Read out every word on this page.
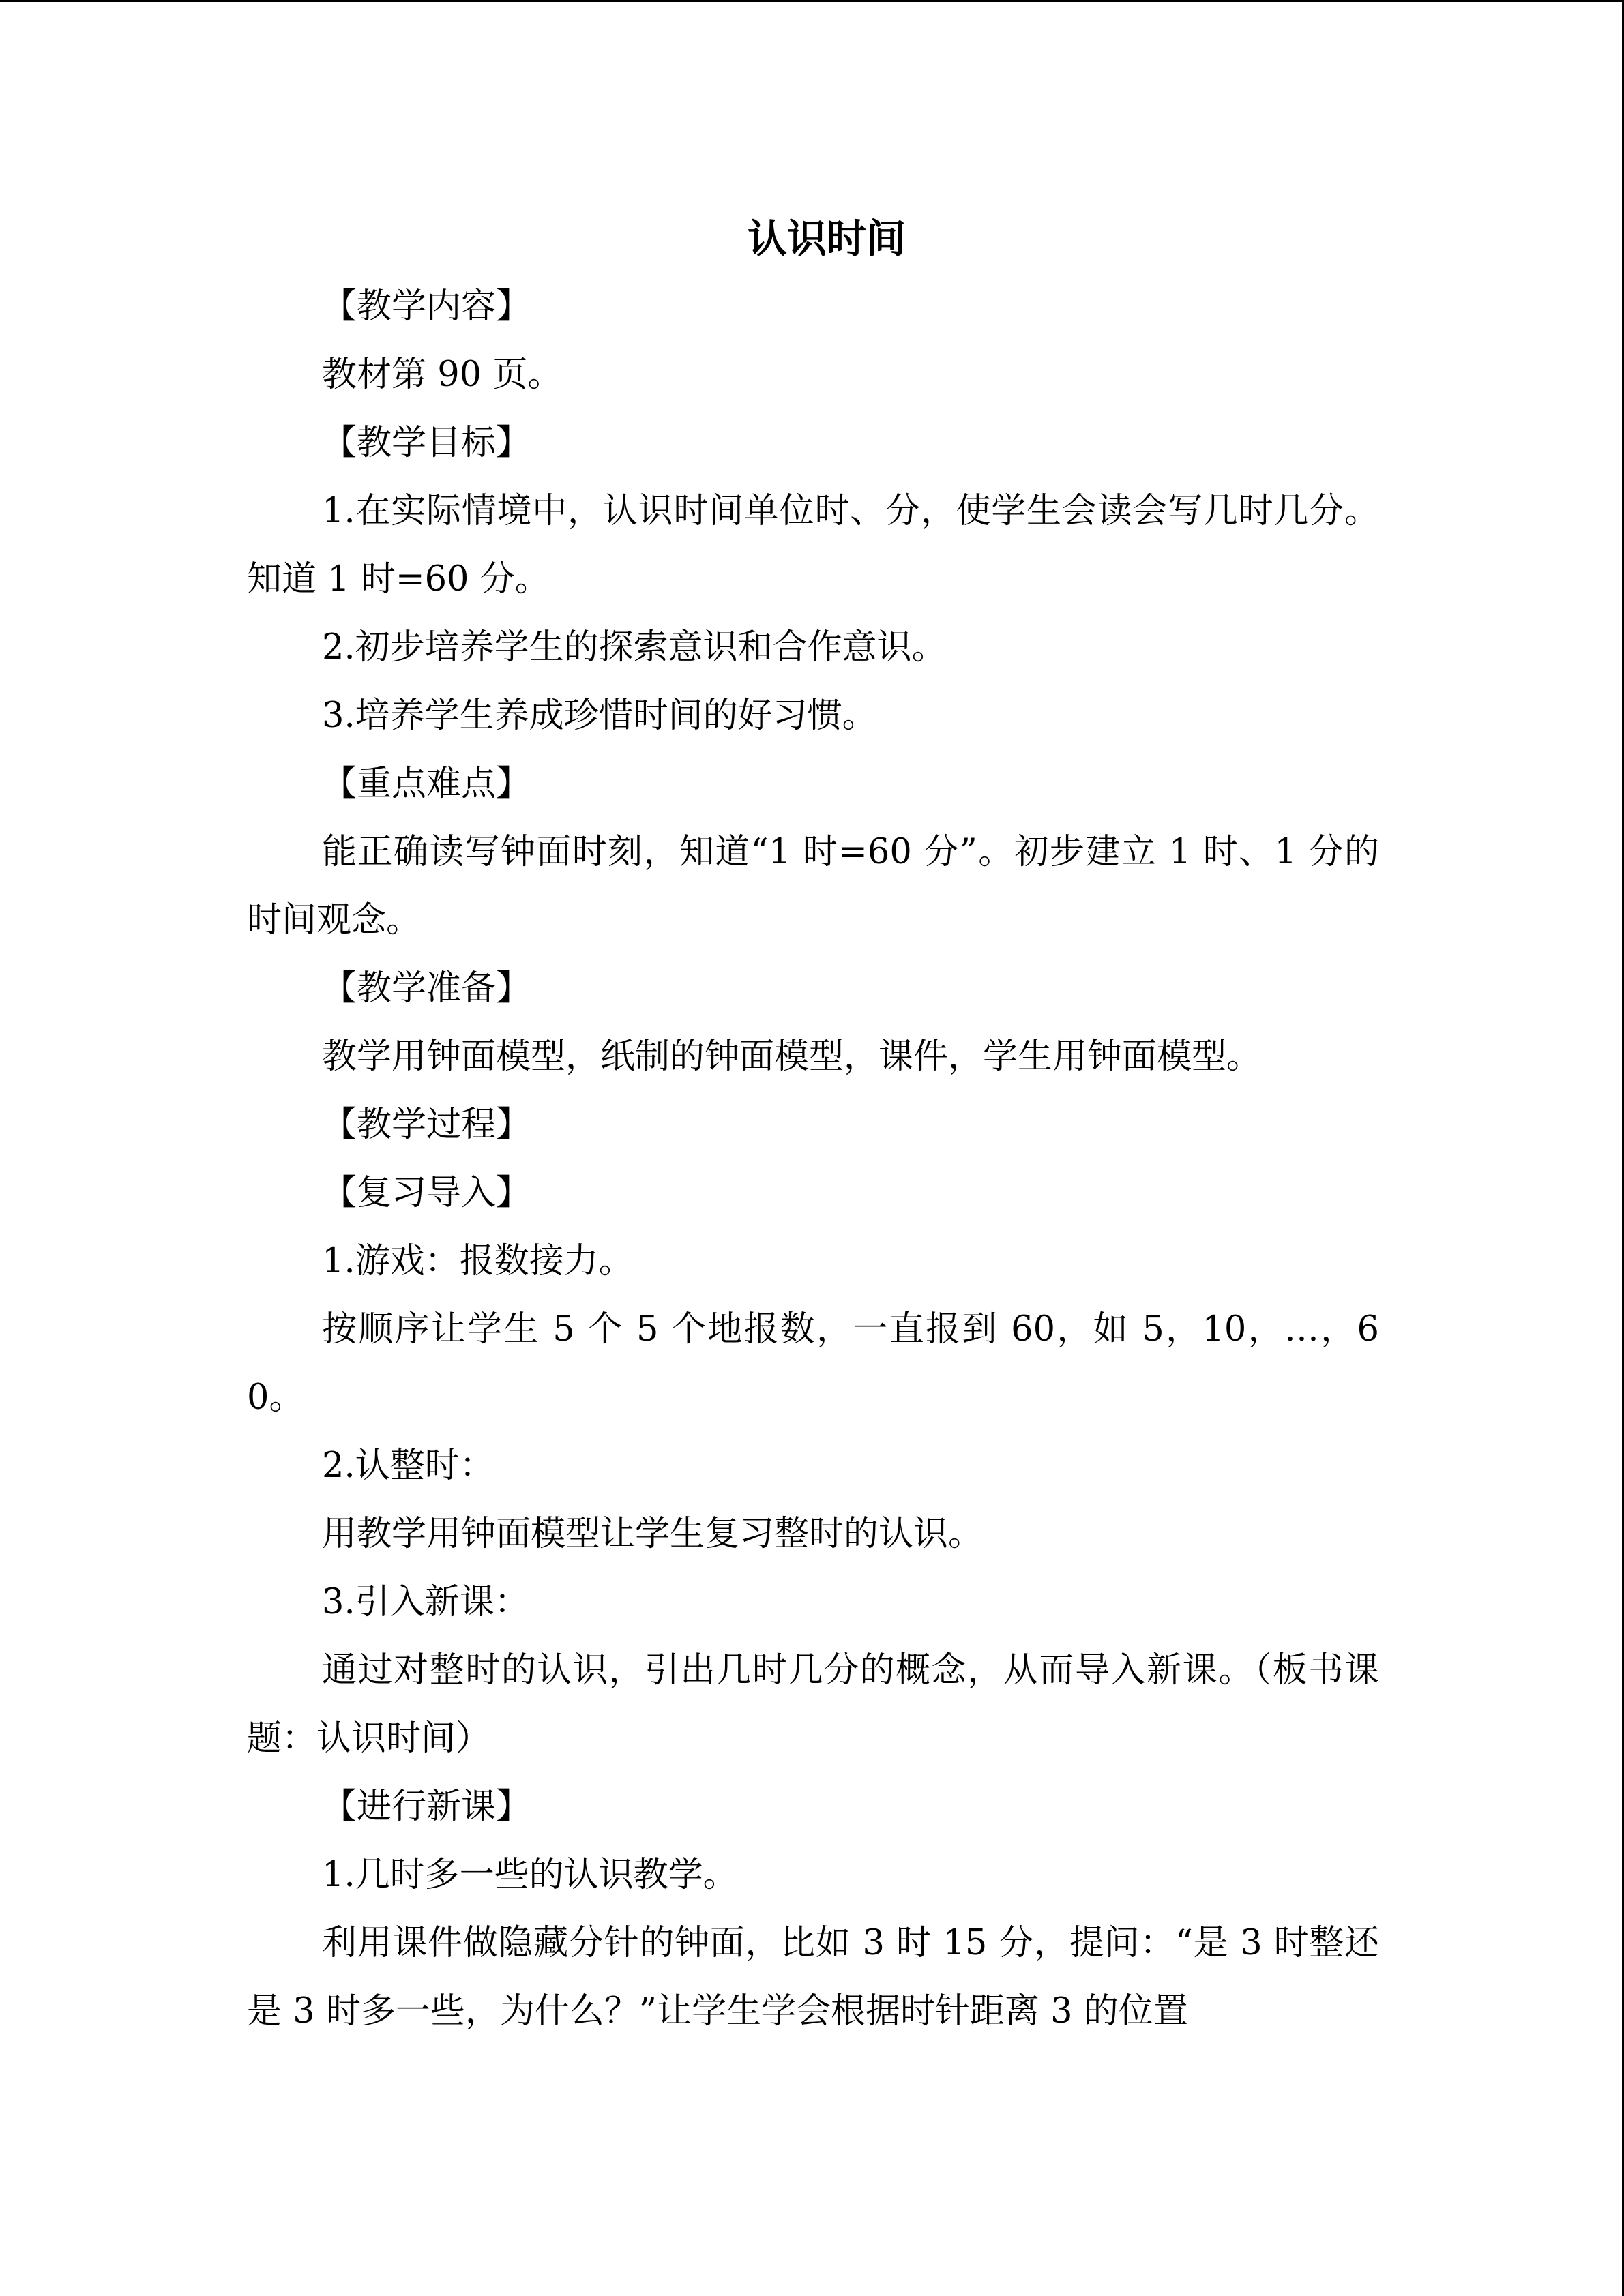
认识时间

【教学内容】

教材第 90 页。

【教学目标】

1.在实际情境中，认识时间单位时、分，使学生会读会写几时几分。知道 1 时=60 分。

2.初步培养学生的探索意识和合作意识。

3.培养学生养成珍惜时间的好习惯。

【重点难点】

能正确读写钟面时刻，知道“1 时=60 分”。初步建立 1 时、1 分的时间观念。

【教学准备】

教学用钟面模型，纸制的钟面模型，课件，学生用钟面模型。

【教学过程】

【复习导入】

1.游戏：报数接力。

按顺序让学生 5 个 5 个地报数，一直报到 60，如 5，10，…，60。

2.认整时：

用教学用钟面模型让学生复习整时的认识。

3.引入新课：

通过对整时的认识，引出几时几分的概念，从而导入新课。（板书课题：认识时间）

【进行新课】

1.几时多一些的认识教学。

利用课件做隐藏分针的钟面，比如 3 时 15 分，提问：“是 3 时整还是 3 时多一些，为什么？”让学生学会根据时针距离 3 的位置
